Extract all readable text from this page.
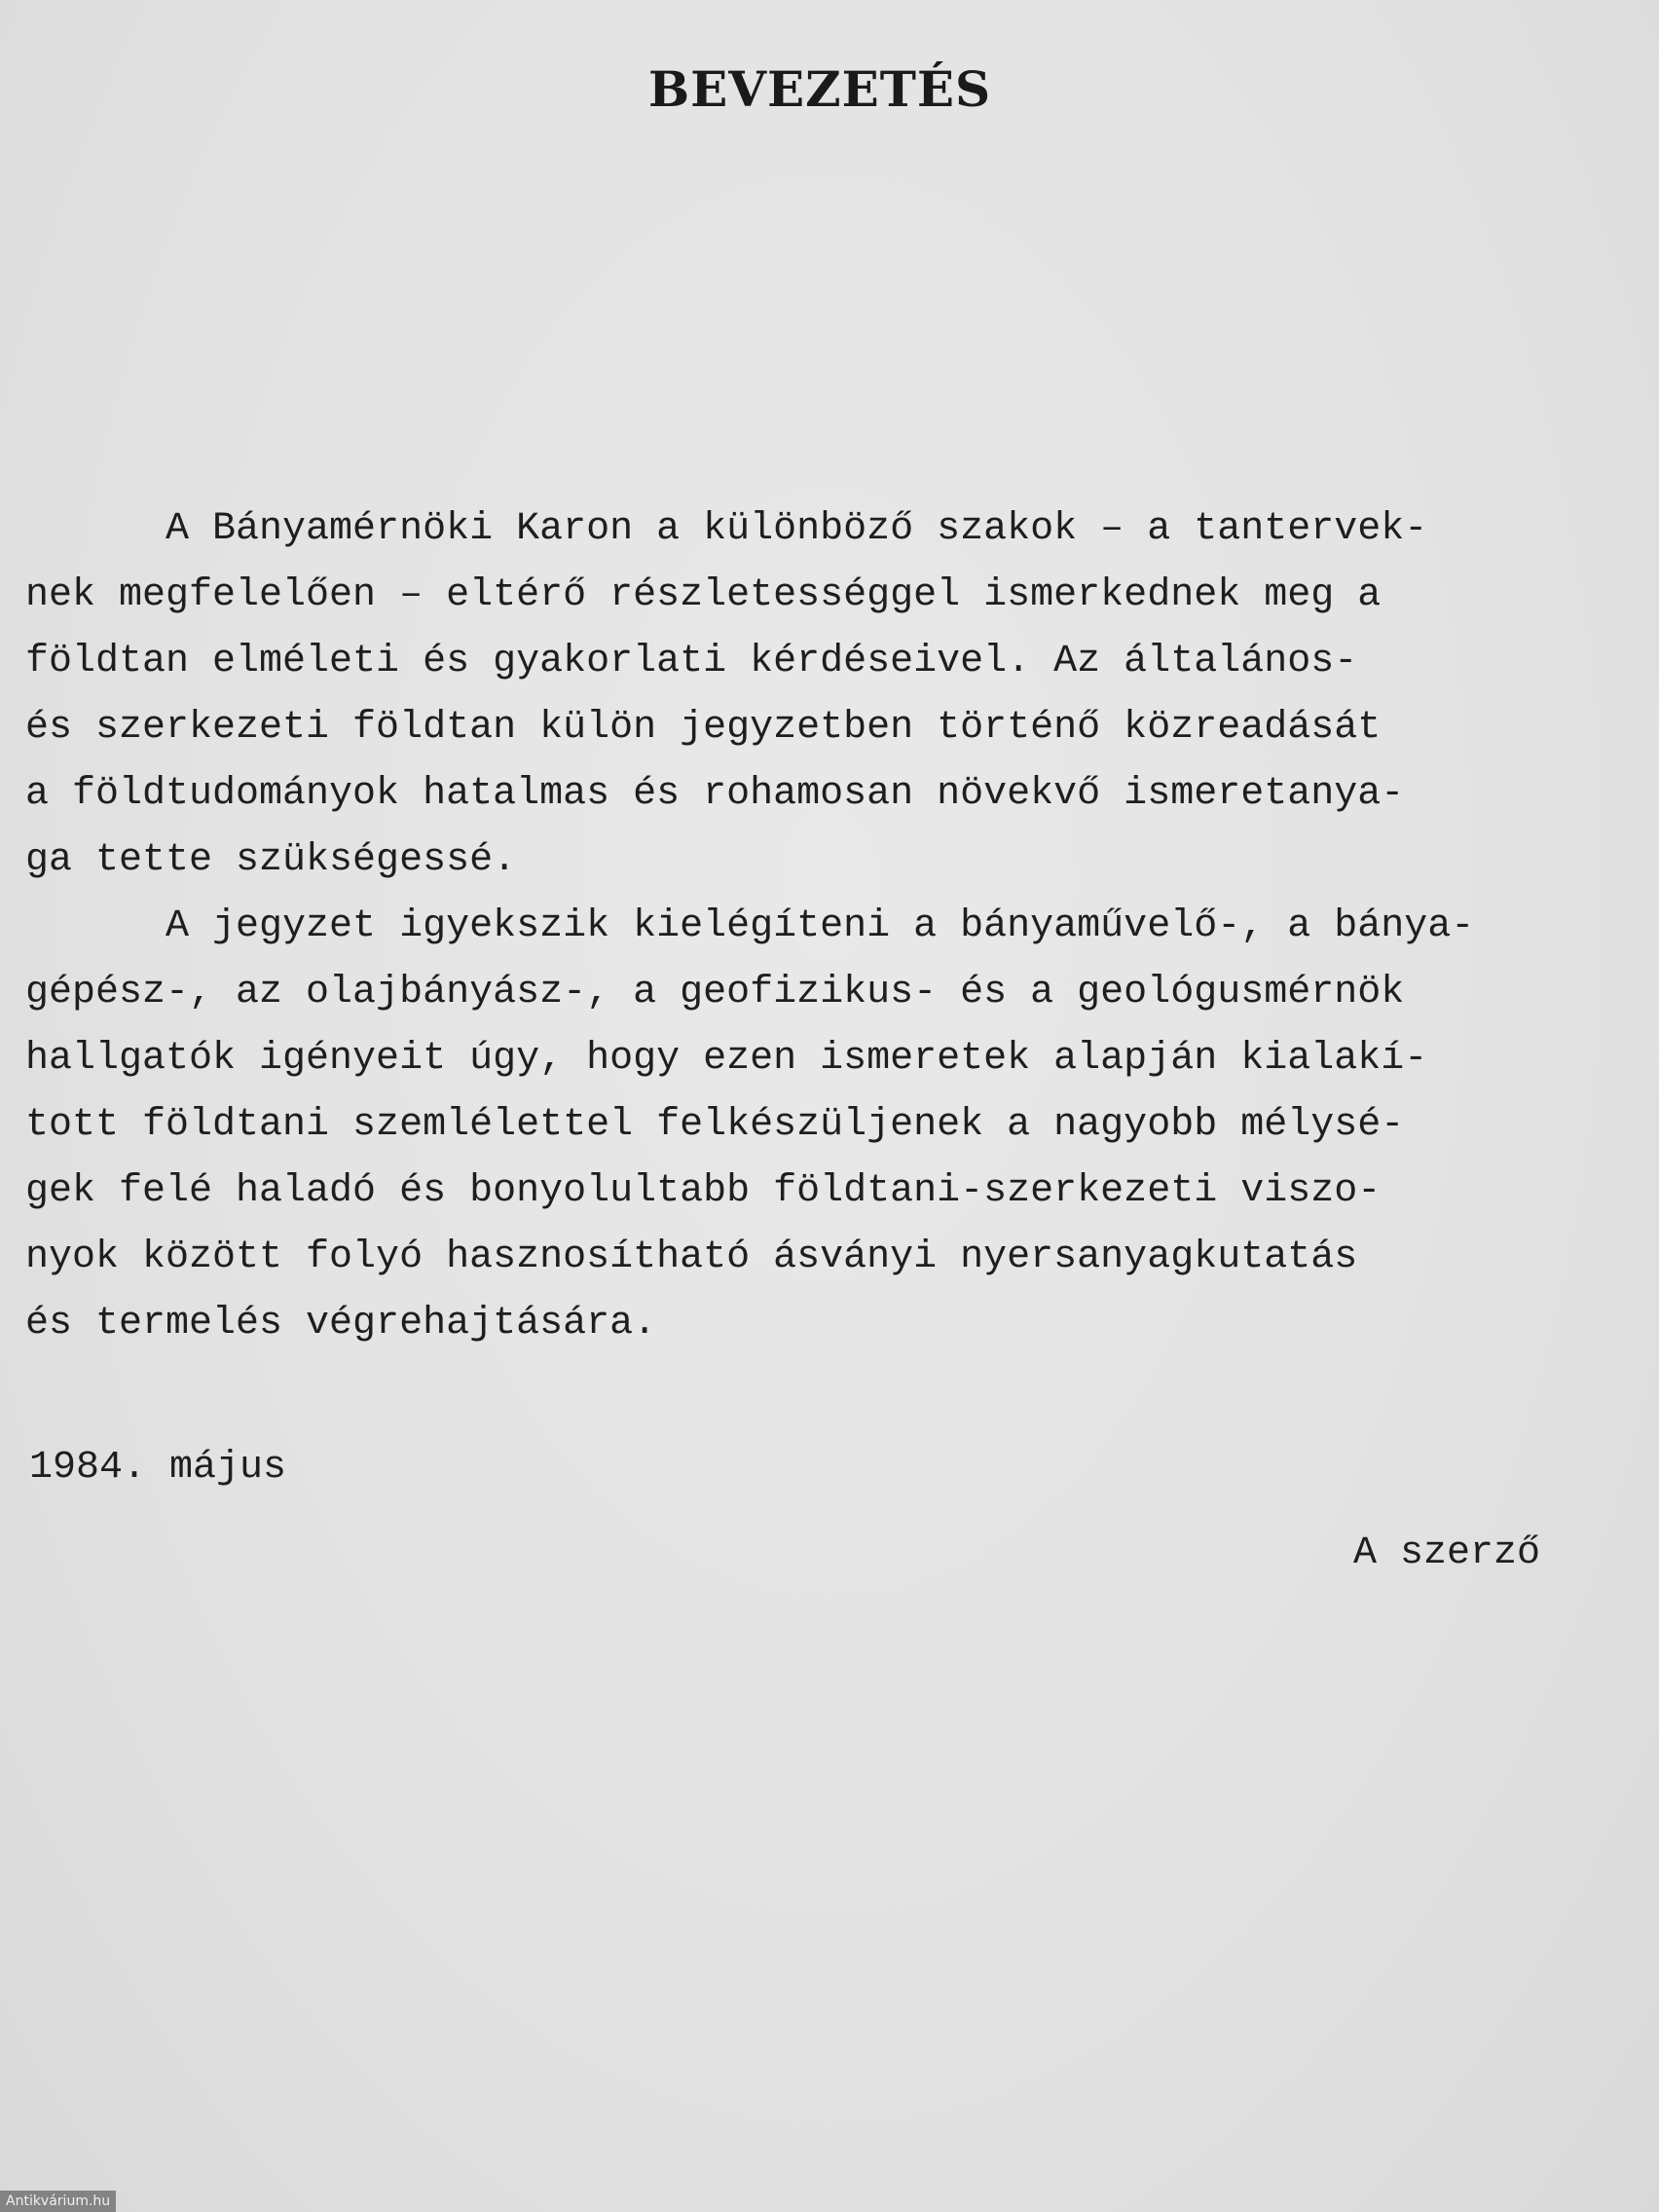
BEVEZETÉS
A Bányamérnöki Karon a különböző szakok – a tantervek-
nek megfelelően – eltérő részletességgel ismerkednek meg a
földtan elméleti és gyakorlati kérdéseivel. Az általános-
és szerkezeti földtan külön jegyzetben történő közreadását
a földtudományok hatalmas és rohamosan növekvő ismeretanya-
ga tette szükségessé.
A jegyzet igyekszik kielégíteni a bányaművelő-, a bánya-
gépész-, az olajbányász-, a geofizikus- és a geológusmérnök
hallgatók igényeit úgy, hogy ezen ismeretek alapján kialakí-
tott földtani szemlélettel felkészüljenek a nagyobb mélysé-
gek felé haladó és bonyolultabb földtani-szerkezeti viszo-
nyok között folyó hasznosítható ásványi nyersanyagkutatás
és termelés végrehajtására.
1984. május
A szerző
Antikvárium.hu
